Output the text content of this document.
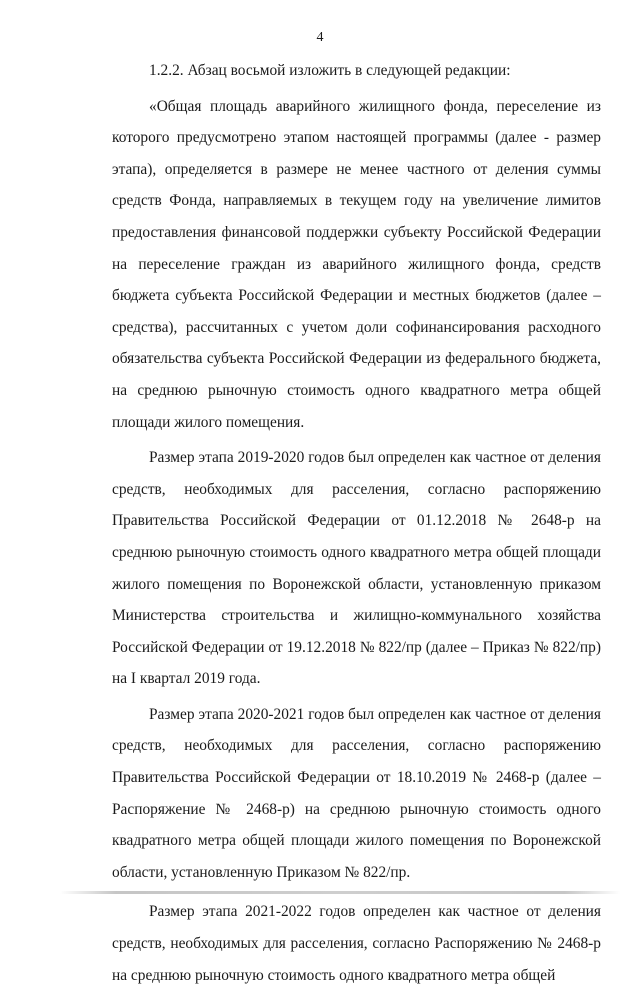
4

1.2.2. Абзац восьмой изложить в следующей редакции:

«Общая площадь аварийного жилищного фонда, переселение из которого предусмотрено этапом настоящей программы (далее - размер этапа), определяется в размере не менее частного от деления суммы средств Фонда, направляемых в текущем году на увеличение лимитов предоставления финансовой поддержки субъекту Российской Федерации на переселение граждан из аварийного жилищного фонда, средств бюджета субъекта Российской Федерации и местных бюджетов (далее – средства), рассчитанных с учетом доли софинансирования расходного обязательства субъекта Российской Федерации из федерального бюджета, на среднюю рыночную стоимость одного квадратного метра общей площади жилого помещения.

Размер этапа 2019-2020 годов был определен как частное от деления средств, необходимых для расселения, согласно распоряжению Правительства Российской Федерации от 01.12.2018 № 2648-р на среднюю рыночную стоимость одного квадратного метра общей площади жилого помещения по Воронежской области, установленную приказом Министерства строительства и жилищно-коммунального хозяйства Российской Федерации от 19.12.2018 № 822/пр (далее – Приказ № 822/пр) на I квартал 2019 года.

Размер этапа 2020-2021 годов был определен как частное от деления средств, необходимых для расселения, согласно распоряжению Правительства Российской Федерации от 18.10.2019 № 2468-р (далее – Распоряжение № 2468-р) на среднюю рыночную стоимость одного квадратного метра общей площади жилого помещения по Воронежской области, установленную Приказом № 822/пр.

Размер этапа 2021-2022 годов определен как частное от деления средств, необходимых для расселения, согласно Распоряжению № 2468-р на среднюю рыночную стоимость одного квадратного метра общей
